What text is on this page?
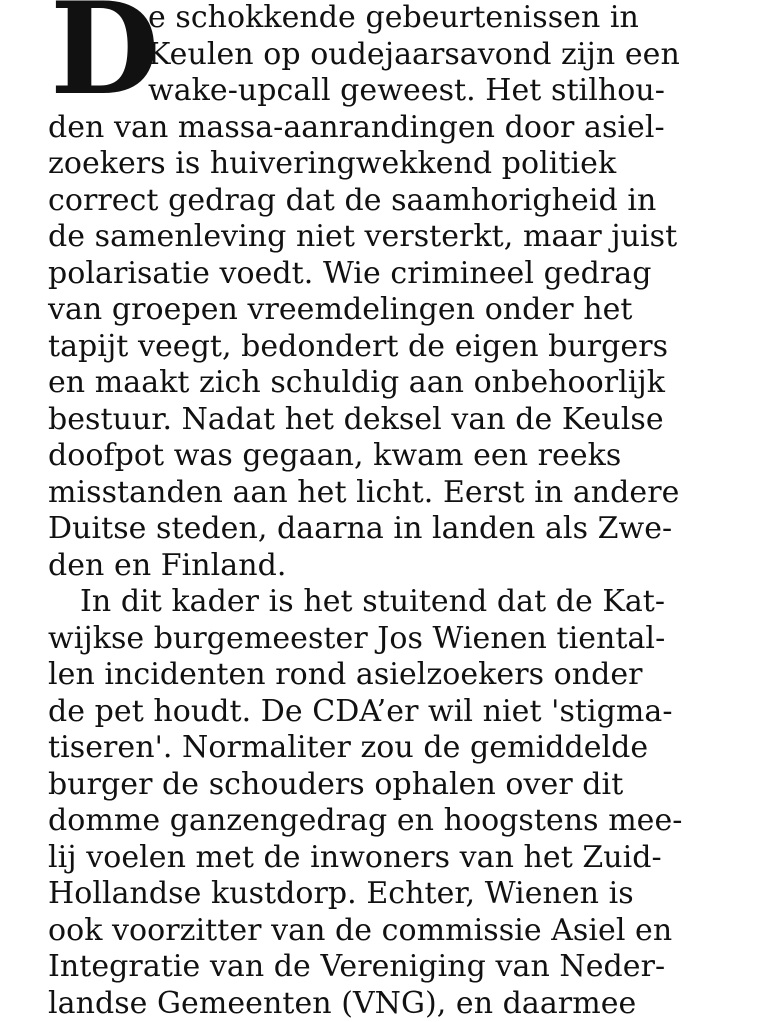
D
e schokkende gebeurtenissen in
Keulen op oudejaarsavond zijn een
wake-upcall geweest. Het stilhou-
den van massa-aanrandingen door asiel-
zoekers is huiveringwekkend politiek
correct gedrag dat de saamhorigheid in
de samenleving niet versterkt, maar juist
polarisatie voedt. Wie crimineel gedrag
van groepen vreemdelingen onder het
tapijt veegt, bedondert de eigen burgers
en maakt zich schuldig aan onbehoorlijk
bestuur. Nadat het deksel van de Keulse
doofpot was gegaan, kwam een reeks
misstanden aan het licht. Eerst in andere
Duitse steden, daarna in landen als Zwe-
den en Finland.
In dit kader is het stuitend dat de Kat-
wijkse burgemeester Jos Wienen tiental-
len incidenten rond asielzoekers onder
de pet houdt. De CDA’er wil niet 'stigma-
tiseren'. Normaliter zou de gemiddelde
burger de schouders ophalen over dit
domme ganzengedrag en hoogstens mee-
lij voelen met de inwoners van het Zuid-
Hollandse kustdorp. Echter, Wienen is
ook voorzitter van de commissie Asiel en
Integratie van de Vereniging van Neder-
landse Gemeenten (VNG), en daarmee
